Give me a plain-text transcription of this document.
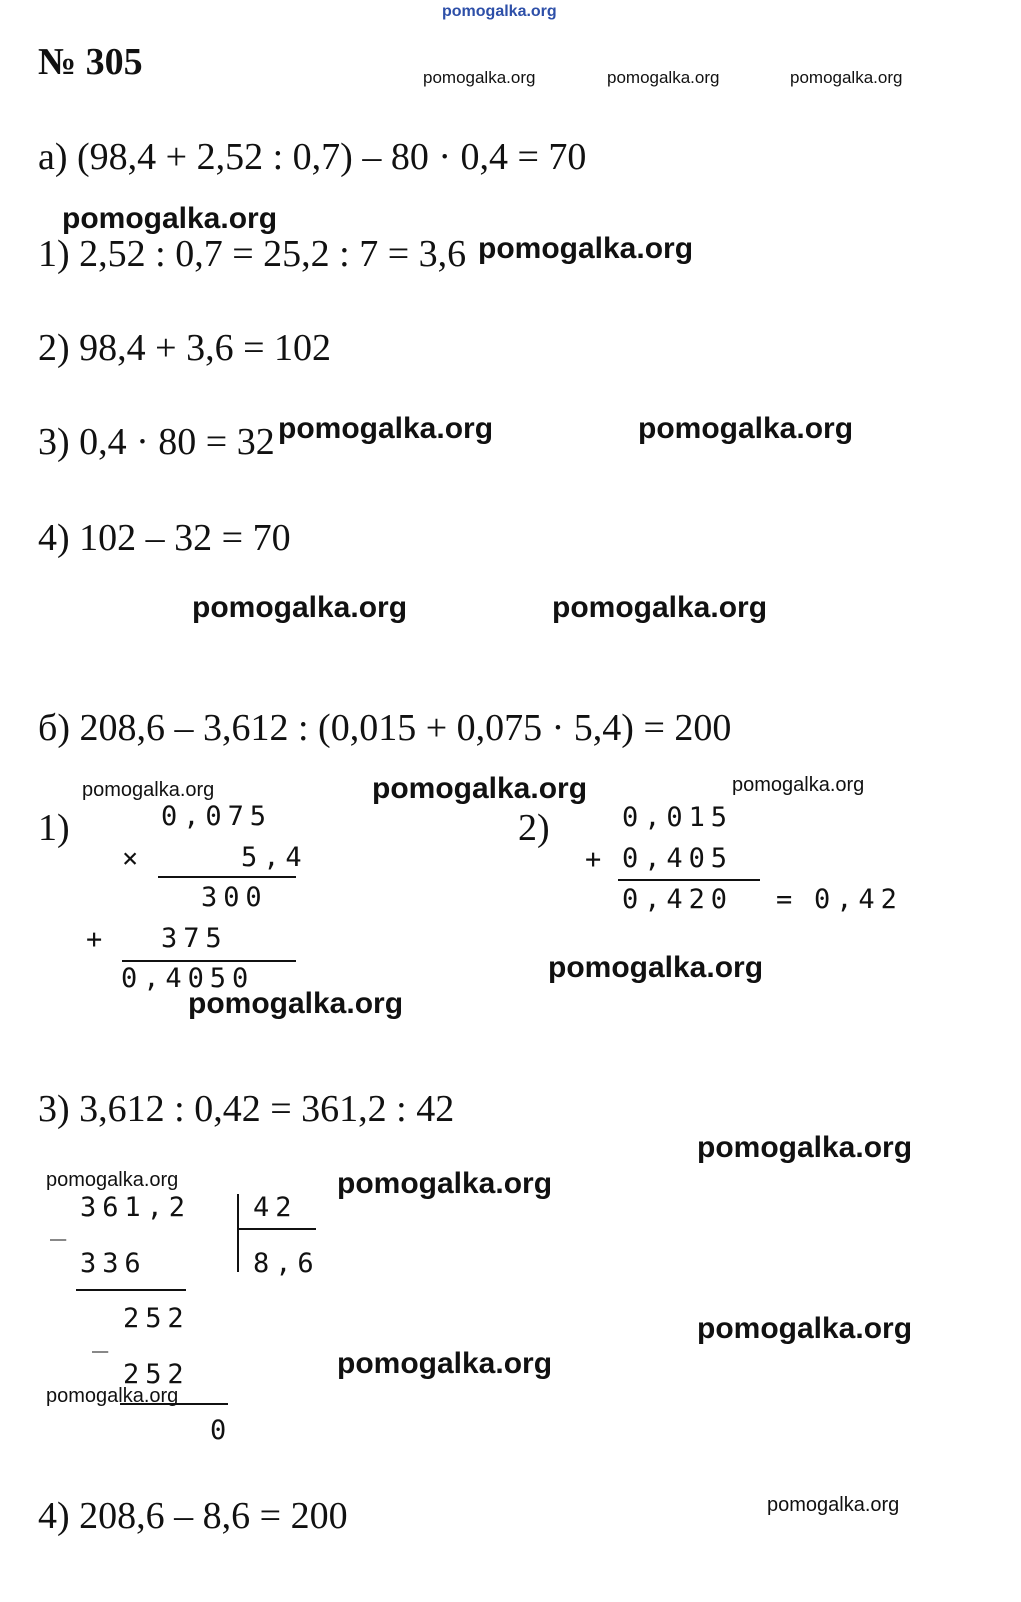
pomogalka.org
№ 305	pomogalka.org	pomogalka.org	pomogalka.org
а) (98,4 + 2,52 : 0,7) – 80 · 0,4 = 70
pomogalka.org
1) 2,52 : 0,7 = 25,2 : 7 = 3,6 pomogalka.org
2) 98,4 + 3,6 = 102
3) 0,4 · 80 = 32 pomogalka.org	pomogalka.org
4) 102 – 32 = 70
pomogalka.org	pomogalka.org
б) 208,6 – 3,612 : (0,015 + 0,075 · 5,4) = 200
pomogalka.org	pomogalka.org	pomogalka.org
1)	0,075
×	5,4
300
+ 375
0,4050
pomogalka.org
2)	0,015
+ 0,405
0,420 = 0,42
pomogalka.org
3) 3,612 : 0,42 = 361,2 : 42
pomogalka.org
pomogalka.org	pomogalka.org
_
361,2 42
8,6
336
_
252
252
0
pomogalka.org
pomogalka.org
pomogalka.org
4) 208,6 – 8,6 = 200	pomogalka.org
